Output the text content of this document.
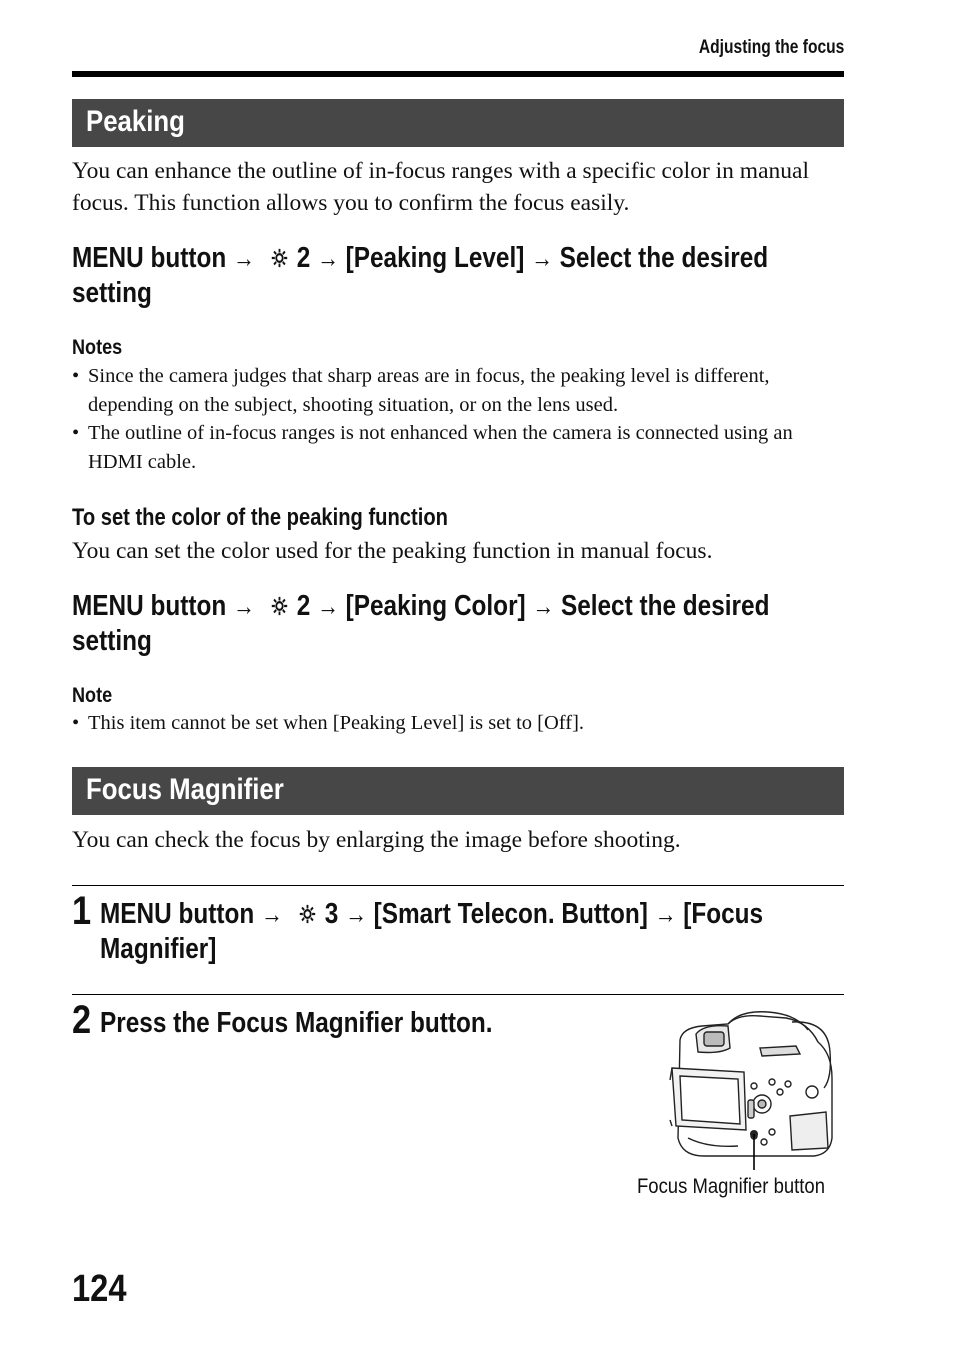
Adjusting the focus
Peaking
You can enhance the outline of in-focus ranges with a specific color in manual focus. This function allows you to confirm the focus easily.
MENU button → 2 → [Peaking Level] → Select the desired setting
Notes
• Since the camera judges that sharp areas are in focus, the peaking level is different, depending on the subject, shooting situation, or on the lens used.
• The outline of in-focus ranges is not enhanced when the camera is connected using an HDMI cable.
To set the color of the peaking function
You can set the color used for the peaking function in manual focus.
MENU button → 2 → [Peaking Color] → Select the desired setting
Note
• This item cannot be set when [Peaking Level] is set to [Off].
Focus Magnifier
You can check the focus by enlarging the image before shooting.
1 MENU button → 3 → [Smart Telecon. Button] → [Focus Magnifier]
2 Press the Focus Magnifier button.
Focus Magnifier button
124
